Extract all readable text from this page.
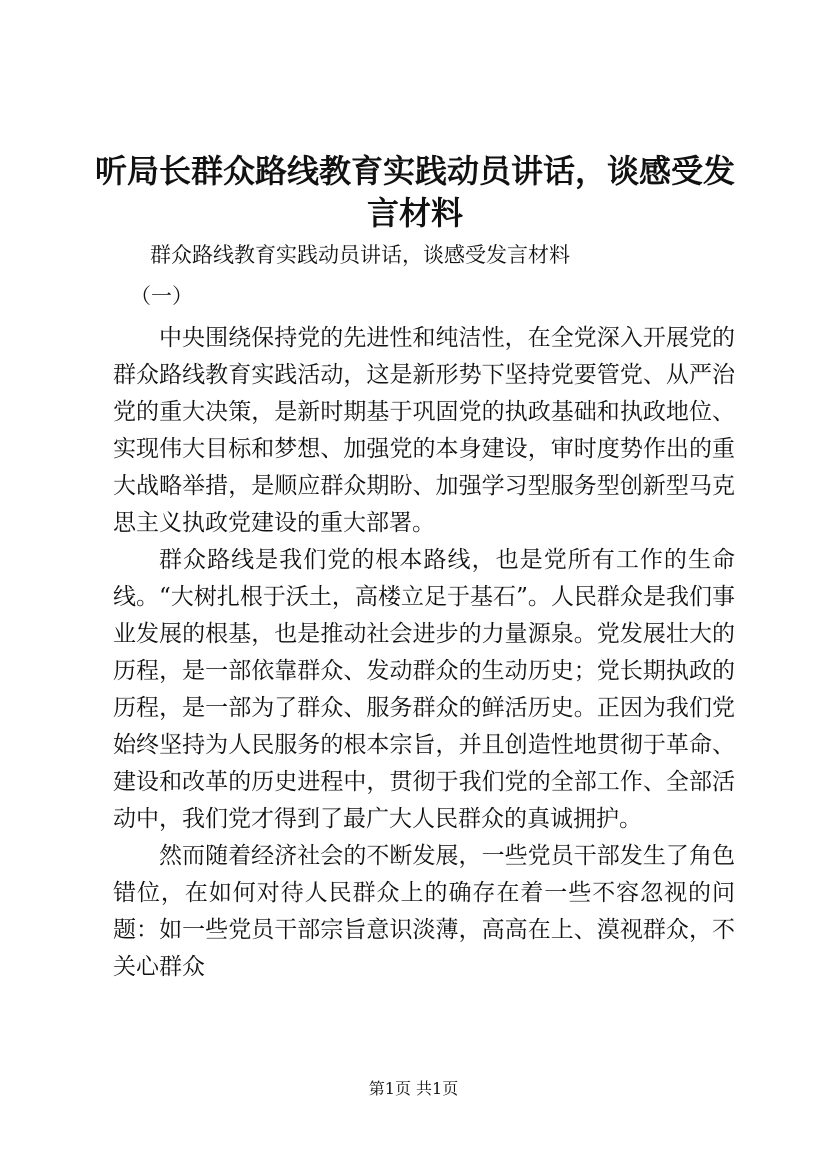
听局长群众路线教育实践动员讲话，谈感受发言材料
群众路线教育实践动员讲话，谈感受发言材料
（一）

中央围绕保持党的先进性和纯洁性，在全党深入开展党的群众路线教育实践活动，这是新形势下坚持党要管党、从严治党的重大决策，是新时期基于巩固党的执政基础和执政地位、实现伟大目标和梦想、加强党的本身建设，审时度势作出的重大战略举措，是顺应群众期盼、加强学习型服务型创新型马克思主义执政党建设的重大部署。

群众路线是我们党的根本路线，也是党所有工作的生命线。“大树扎根于沃土，高楼立足于基石”。人民群众是我们事业发展的根基，也是推动社会进步的力量源泉。党发展壮大的历程，是一部依靠群众、发动群众的生动历史；党长期执政的历程，是一部为了群众、服务群众的鲜活历史。正因为我们党始终坚持为人民服务的根本宗旨，并且创造性地贯彻于革命、建设和改革的历史进程中，贯彻于我们党的全部工作、全部活动中，我们党才得到了最广大人民群众的真诚拥护。

然而随着经济社会的不断发展，一些党员干部发生了角色错位，在如何对待人民群众上的确存在着一些不容忽视的问题：如一些党员干部宗旨意识淡薄，高高在上、漠视群众，不关心群众

第1页 共1页
